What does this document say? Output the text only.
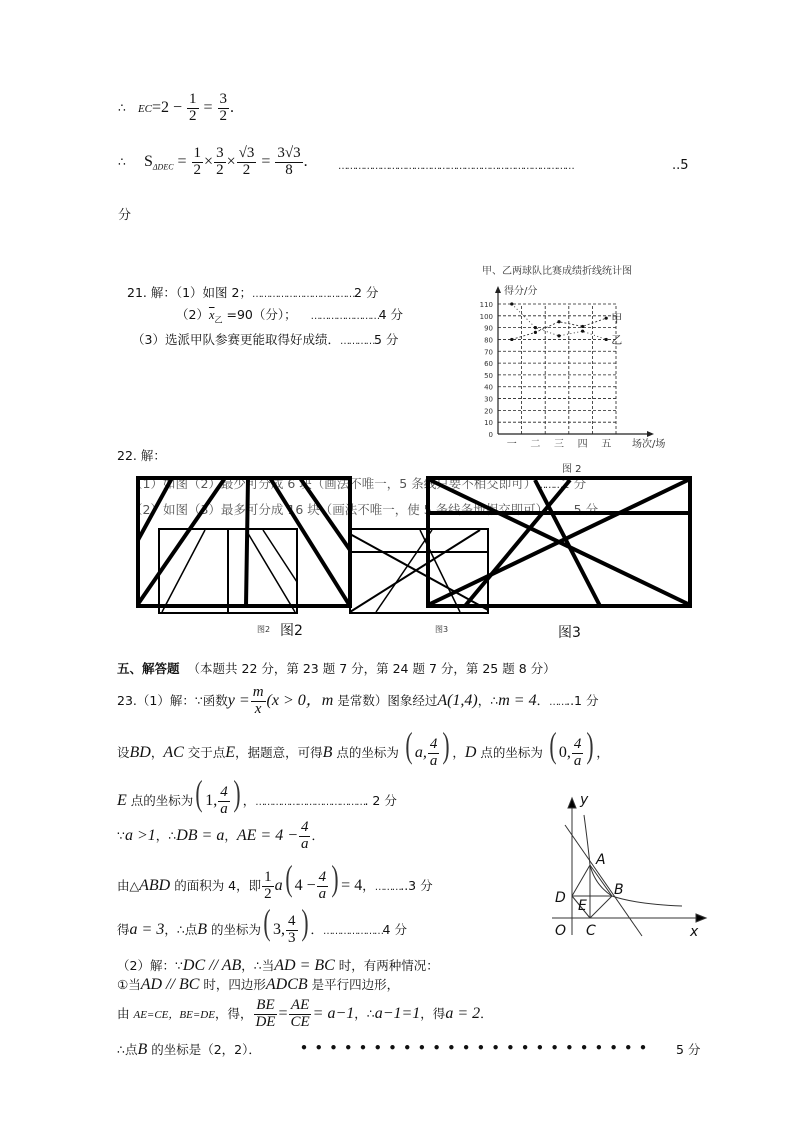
∴ $EC=2 - \frac{1}{2} = \frac{3}{2}$ .
∴ $S_{\Delta DEC} = \frac{1}{2} \times \frac{3}{2} \times \frac{√3}{2} = \frac{3√3}{8}$ .	…………………………………………………………………………	..5
分
21. 解：（1）如图 2；………………………………2 分
$(2)\overline{x}_乙 =90$（分）； ……………………4 分
（3）选派甲队参赛更能取得好成绩．…………5 分
甲、乙两球队比赛成绩折线统计图
得分/分
场次/场
图 2
0
10
20
30
40
50
60
70
80
90
100
110
一 二 三 四 五
甲
乙
22. 解：
（1）如图（2）最少可分成 6 块（画法不唯一，5 条线只要不相交即可）………2 分
（2）如图（3）最多可分成 16 块（画法不唯一，使 5 条线条地相交即可）………5 分
图2 图2	图3	图3
五、解答题 （本题共 22 分，第 23 题 7 分，第 24 题 7 分，第 25 题 8 分）
23.（1）解：∵函数$y = \frac{m}{x} (x > 0$，m 是常数）图象经过A(1,4)，∴m = 4．……..1 分
设BD，AC 交于点E，据题意，可得B 点的坐标为 ( a, $\frac{4}{a}$ ) ，D 点的坐标为 ( 0, $\frac{4}{a}$ ) ，
E 点的坐标为( 1, $\frac{4}{a}$ ) ，…………………………………. 2 分
∵a >1，∴DB = a，AE = $4 - \frac{4}{a}$ ．
由△ABD 的面积为 4，即 $\frac{1}{2} a$( $4 - \frac{4}{a}$ ) = 4，………..3 分
得a = 3，∴点B 的坐标为( 3, $\frac{4}{3}$ ) ．…………………4 分
（2）解：∵DC // AB，∴当AD = BC 时，有两种情况：
①当AD // BC 时，四边形ADCB 是平行四边形，
由 AE=CE，BE=DE，得， $\frac{BE}{DE} = \frac{AE}{CE} = a-1$，∴a−1=1，得a = 2．
∴点B 的坐标是（2，2）．	• • • • • • • • • • • • • • • • • • • • • • • • 5 分
y
x
A
B
D E
O C
